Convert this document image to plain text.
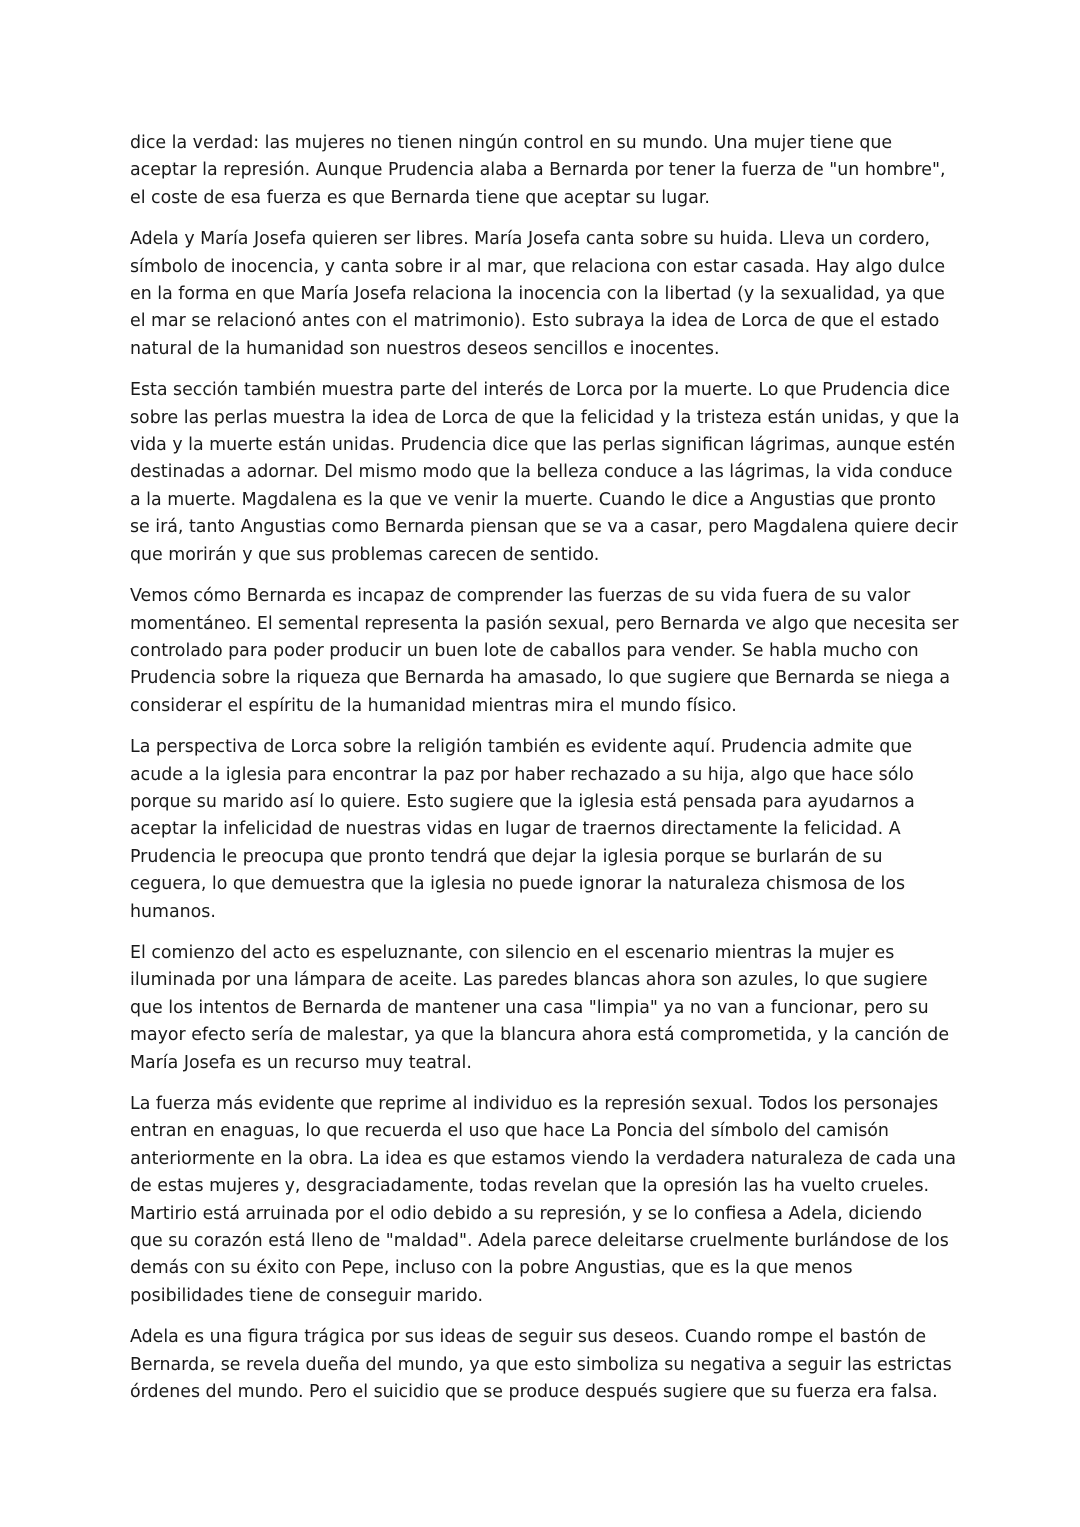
dice la verdad: las mujeres no tienen ningún control en su mundo. Una mujer tiene que aceptar la represión. Aunque Prudencia alaba a Bernarda por tener la fuerza de "un hombre", el coste de esa fuerza es que Bernarda tiene que aceptar su lugar.

Adela y María Josefa quieren ser libres. María Josefa canta sobre su huida. Lleva un cordero, símbolo de inocencia, y canta sobre ir al mar, que relaciona con estar casada. Hay algo dulce en la forma en que María Josefa relaciona la inocencia con la libertad (y la sexualidad, ya que el mar se relacionó antes con el matrimonio). Esto subraya la idea de Lorca de que el estado natural de la humanidad son nuestros deseos sencillos e inocentes.

Esta sección también muestra parte del interés de Lorca por la muerte. Lo que Prudencia dice sobre las perlas muestra la idea de Lorca de que la felicidad y la tristeza están unidas, y que la vida y la muerte están unidas. Prudencia dice que las perlas significan lágrimas, aunque estén destinadas a adornar. Del mismo modo que la belleza conduce a las lágrimas, la vida conduce a la muerte. Magdalena es la que ve venir la muerte. Cuando le dice a Angustias que pronto se irá, tanto Angustias como Bernarda piensan que se va a casar, pero Magdalena quiere decir que morirán y que sus problemas carecen de sentido.

Vemos cómo Bernarda es incapaz de comprender las fuerzas de su vida fuera de su valor momentáneo. El semental representa la pasión sexual, pero Bernarda ve algo que necesita ser controlado para poder producir un buen lote de caballos para vender. Se habla mucho con Prudencia sobre la riqueza que Bernarda ha amasado, lo que sugiere que Bernarda se niega a considerar el espíritu de la humanidad mientras mira el mundo físico.

La perspectiva de Lorca sobre la religión también es evidente aquí. Prudencia admite que acude a la iglesia para encontrar la paz por haber rechazado a su hija, algo que hace sólo porque su marido así lo quiere. Esto sugiere que la iglesia está pensada para ayudarnos a aceptar la infelicidad de nuestras vidas en lugar de traernos directamente la felicidad. A Prudencia le preocupa que pronto tendrá que dejar la iglesia porque se burlarán de su ceguera, lo que demuestra que la iglesia no puede ignorar la naturaleza chismosa de los humanos.

El comienzo del acto es espeluznante, con silencio en el escenario mientras la mujer es iluminada por una lámpara de aceite. Las paredes blancas ahora son azules, lo que sugiere que los intentos de Bernarda de mantener una casa "limpia" ya no van a funcionar, pero su mayor efecto sería de malestar, ya que la blancura ahora está comprometida, y la canción de María Josefa es un recurso muy teatral.

La fuerza más evidente que reprime al individuo es la represión sexual. Todos los personajes entran en enaguas, lo que recuerda el uso que hace La Poncia del símbolo del camisón anteriormente en la obra. La idea es que estamos viendo la verdadera naturaleza de cada una de estas mujeres y, desgraciadamente, todas revelan que la opresión las ha vuelto crueles. Martirio está arruinada por el odio debido a su represión, y se lo confiesa a Adela, diciendo que su corazón está lleno de "maldad". Adela parece deleitarse cruelmente burlándose de los demás con su éxito con Pepe, incluso con la pobre Angustias, que es la que menos posibilidades tiene de conseguir marido.

Adela es una figura trágica por sus ideas de seguir sus deseos. Cuando rompe el bastón de Bernarda, se revela dueña del mundo, ya que esto simboliza su negativa a seguir las estrictas órdenes del mundo. Pero el suicidio que se produce después sugiere que su fuerza era falsa.
